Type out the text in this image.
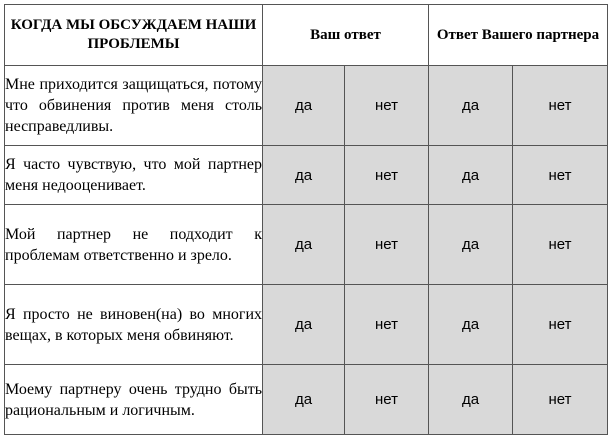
КОГДА МЫ ОБСУЖДАЕМ НАШИ ПРОБЛЕМЫ	Ваш ответ		Ответ Вашего партнера	
Мне приходится защищаться, потому что обвинения против меня столь несправедливы.	да	нет	да	нет
Я часто чувствую, что мой партнер меня недооценивает.	да	нет	да	нет
Мой партнер не подходит к проблемам ответственно и зрело.	да	нет	да	нет
Я просто не виновен(на) во многих вещах, в которых меня обвиняют.	да	нет	да	нет
Моему партнеру очень трудно быть рациональным и логичным.	да	нет	да	нет
